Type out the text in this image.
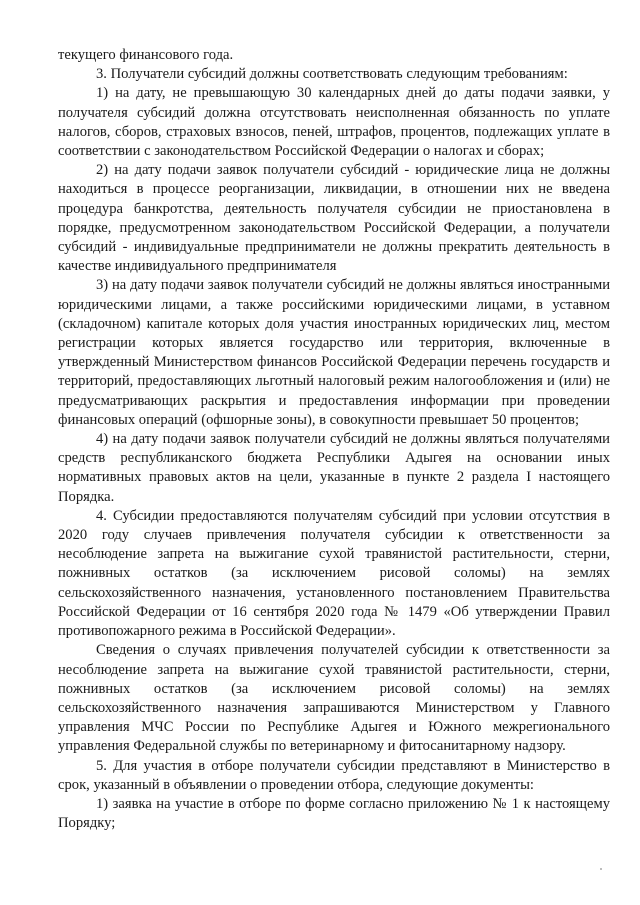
текущего финансового года.

3. Получатели субсидий должны соответствовать следующим требованиям:

1) на дату, не превышающую 30 календарных дней до даты подачи заявки, у получателя субсидий должна отсутствовать неисполненная обязанность по уплате налогов, сборов, страховых взносов, пеней, штрафов, процентов, подлежащих уплате в соответствии с законодательством Российской Федерации о налогах и сборах;

2) на дату подачи заявок получатели субсидий - юридические лица не должны находиться в процессе реорганизации, ликвидации, в отношении них не введена процедура банкротства, деятельность получателя субсидии не приостановлена в порядке, предусмотренном законодательством Российской Федерации, а получатели субсидий - индивидуальные предприниматели не должны прекратить деятельность в качестве индивидуального предпринимателя

3) на дату подачи заявок получатели субсидий не должны являться иностранными юридическими лицами, а также российскими юридическими лицами, в уставном (складочном) капитале которых доля участия иностранных юридических лиц, местом регистрации которых является государство или территория, включенные в утвержденный Министерством финансов Российской Федерации перечень государств и территорий, предоставляющих льготный налоговый режим налогообложения и (или) не предусматривающих раскрытия и предоставления информации при проведении финансовых операций (офшорные зоны), в совокупности превышает 50 процентов;

4) на дату подачи заявок получатели субсидий не должны являться получателями средств республиканского бюджета Республики Адыгея на основании иных нормативных правовых актов на цели, указанные в пункте 2 раздела I настоящего Порядка.

4. Субсидии предоставляются получателям субсидий при условии отсутствия в 2020 году случаев привлечения получателя субсидии к ответственности за несоблюдение запрета на выжигание сухой травянистой растительности, стерни, пожнивных остатков (за исключением рисовой соломы) на землях сельскохозяйственного назначения, установленного постановлением Правительства Российской Федерации от 16 сентября 2020 года № 1479 «Об утверждении Правил противопожарного режима в Российской Федерации».

Сведения о случаях привлечения получателей субсидии к ответственности за несоблюдение запрета на выжигание сухой травянистой растительности, стерни, пожнивных остатков (за исключением рисовой соломы) на землях сельскохозяйственного назначения запрашиваются Министерством у Главного управления МЧС России по Республике Адыгея и Южного межрегионального управления Федеральной службы по ветеринарному и фитосанитарному надзору.

5. Для участия в отборе получатели субсидии представляют в Министерство в срок, указанный в объявлении о проведении отбора, следующие документы:

1) заявка на участие в отборе по форме согласно приложению № 1 к настоящему Порядку;
